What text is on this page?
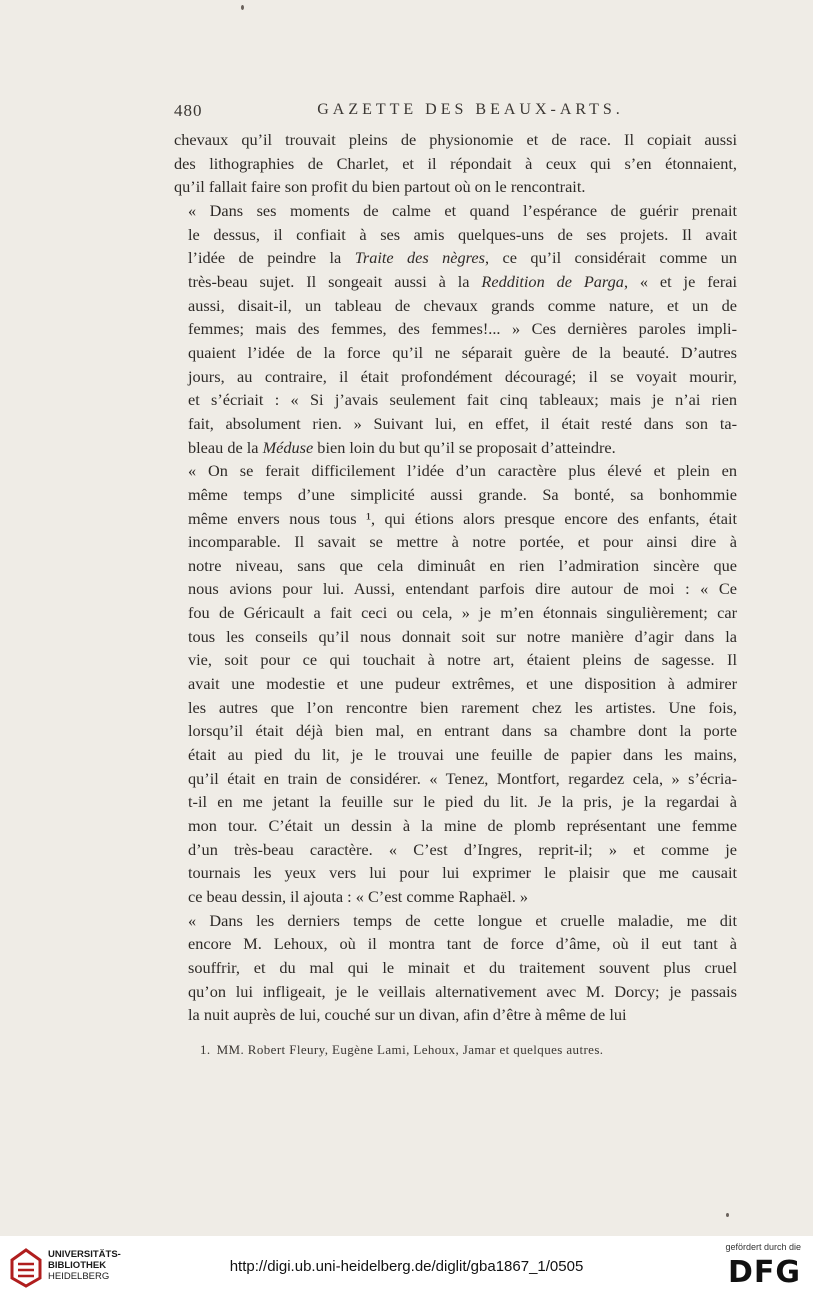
480	GAZETTE DES BEAUX-ARTS.

chevaux qu’il trouvait pleins de physionomie et de race. Il copiait aussi
des lithographies de Charlet, et il répondait à ceux qui s’en étonnaient,
qu’il fallait faire son profit du bien partout où on le rencontrait.

« Dans ses moments de calme et quand l’espérance de guérir prenait
le dessus, il confiait à ses amis quelques-uns de ses projets. Il avait
l’idée de peindre la Traite des nègres, ce qu’il considérait comme un
très-beau sujet. Il songeait aussi à la Reddition de Parga, « et je ferai
aussi, disait-il, un tableau de chevaux grands comme nature, et un de
femmes; mais des femmes, des femmes!... » Ces dernières paroles impli-
quaient l’idée de la force qu’il ne séparait guère de la beauté. D’autres
jours, au contraire, il était profondément découragé; il se voyait mourir,
et s’écriait : « Si j’avais seulement fait cinq tableaux; mais je n’ai rien
fait, absolument rien. » Suivant lui, en effet, il était resté dans son ta-
bleau de la Méduse bien loin du but qu’il se proposait d’atteindre.

« On se ferait difficilement l’idée d’un caractère plus élevé et plein en
même temps d’une simplicité aussi grande. Sa bonté, sa bonhommie
même envers nous tous ¹, qui étions alors presque encore des enfants, était
incomparable. Il savait se mettre à notre portée, et pour ainsi dire à
notre niveau, sans que cela diminuât en rien l’admiration sincère que
nous avions pour lui. Aussi, entendant parfois dire autour de moi : « Ce
fou de Géricault a fait ceci ou cela, » je m’en étonnais singulièrement; car
tous les conseils qu’il nous donnait soit sur notre manière d’agir dans la
vie, soit pour ce qui touchait à notre art, étaient pleins de sagesse. Il
avait une modestie et une pudeur extrêmes, et une disposition à admirer
les autres que l’on rencontre bien rarement chez les artistes. Une fois,
lorsqu’il était déjà bien mal, en entrant dans sa chambre dont la porte
était au pied du lit, je le trouvai une feuille de papier dans les mains,
qu’il était en train de considérer. « Tenez, Montfort, regardez cela, » s’écria-
t-il en me jetant la feuille sur le pied du lit. Je la pris, je la regardai à
mon tour. C’était un dessin à la mine de plomb représentant une femme
d’un très-beau caractère. « C’est d’Ingres, reprit-il; » et comme je
tournais les yeux vers lui pour lui exprimer le plaisir que me causait
ce beau dessin, il ajouta : « C’est comme Raphaël. »

« Dans les derniers temps de cette longue et cruelle maladie, me dit
encore M. Lehoux, où il montra tant de force d’âme, où il eut tant à
souffrir, et du mal qui le minait et du traitement souvent plus cruel
qu’on lui infligeait, je le veillais alternativement avec M. Dorcy; je passais
la nuit auprès de lui, couché sur un divan, afin d’être à même de lui

1. MM. Robert Fleury, Eugène Lami, Lehoux, Jamar et quelques autres.
UNIVERSITÄTS-
BIBLIOTHEK
HEIDELBERG
http://digi.ub.uni-heidelberg.de/diglit/gba1867_1/0505
gefördert durch die
DFG
